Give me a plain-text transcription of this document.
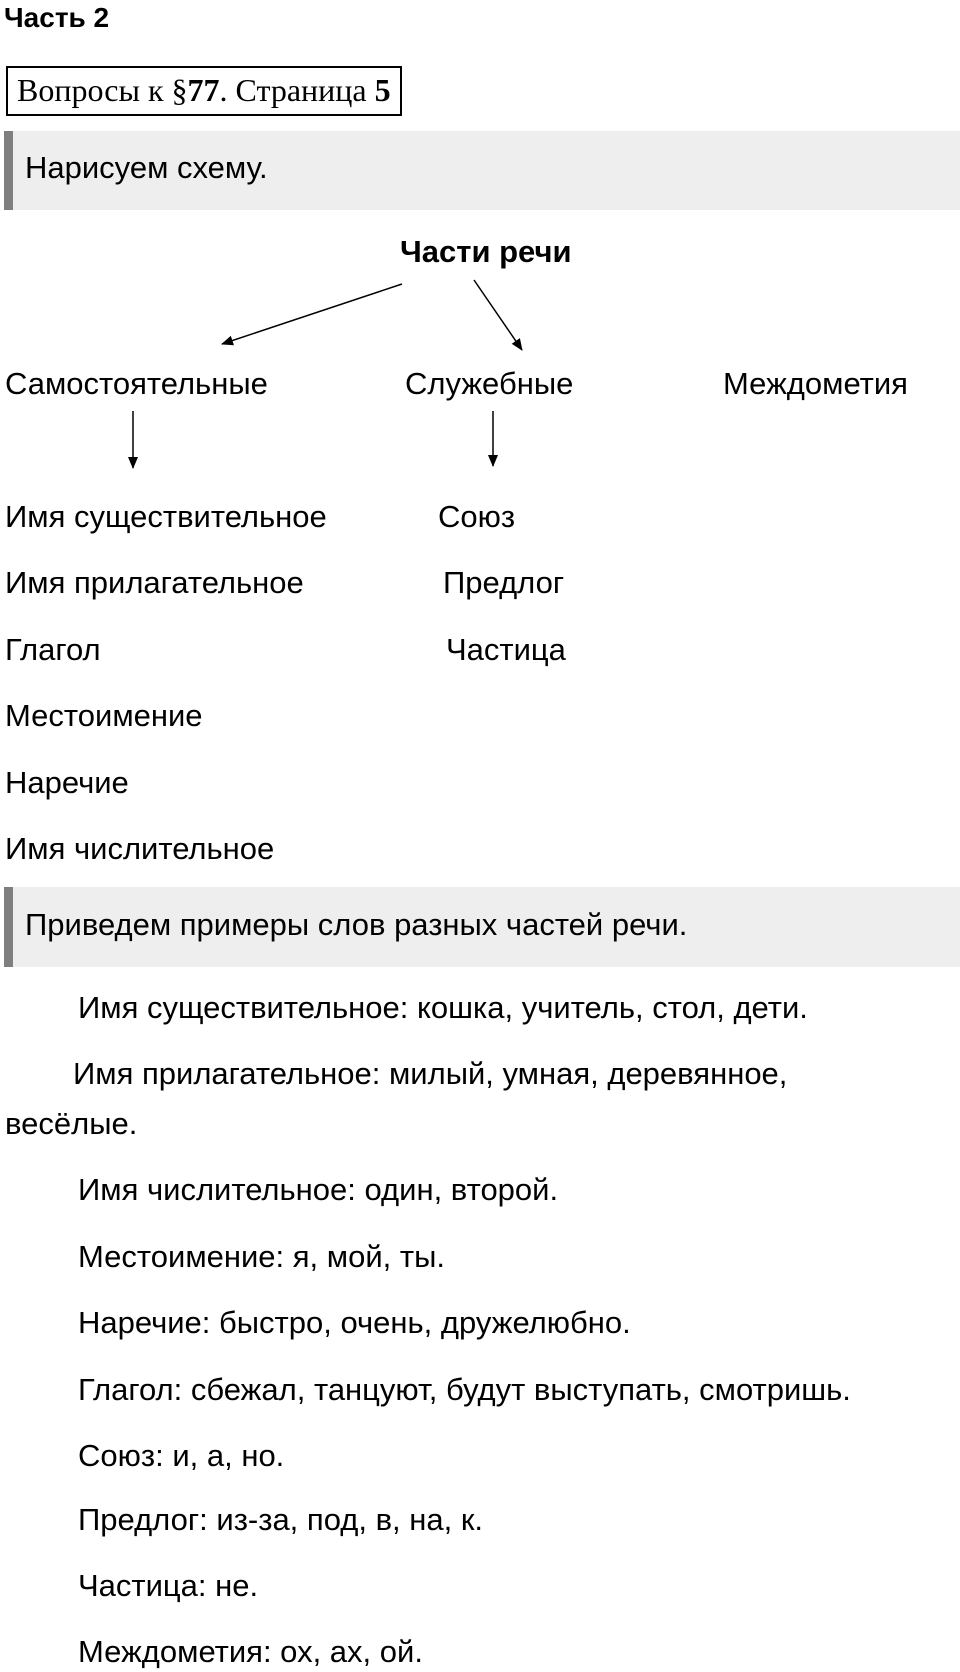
Часть 2
Вопросы к §77. Страница 5
Нарисуем схему.
Части речи
Самостоятельные	Служебные	Междометия
Имя существительное
Имя прилагательное
Глагол
Местоимение
Наречие
Имя числительное
Союз
Предлог
Частица
Приведем примеры слов разных частей речи.
Имя существительное: кошка, учитель, стол, дети.
Имя прилагательное: милый, умная, деревянное,
весёлые.
Имя числительное: один, второй.
Местоимение: я, мой, ты.
Наречие: быстро, очень, дружелюбно.
Глагол: сбежал, танцуют, будут выступать, смотришь.
Союз: и, а, но.
Предлог: из-за, под, в, на, к.
Частица: не.
Междометия: ох, ах, ой.
